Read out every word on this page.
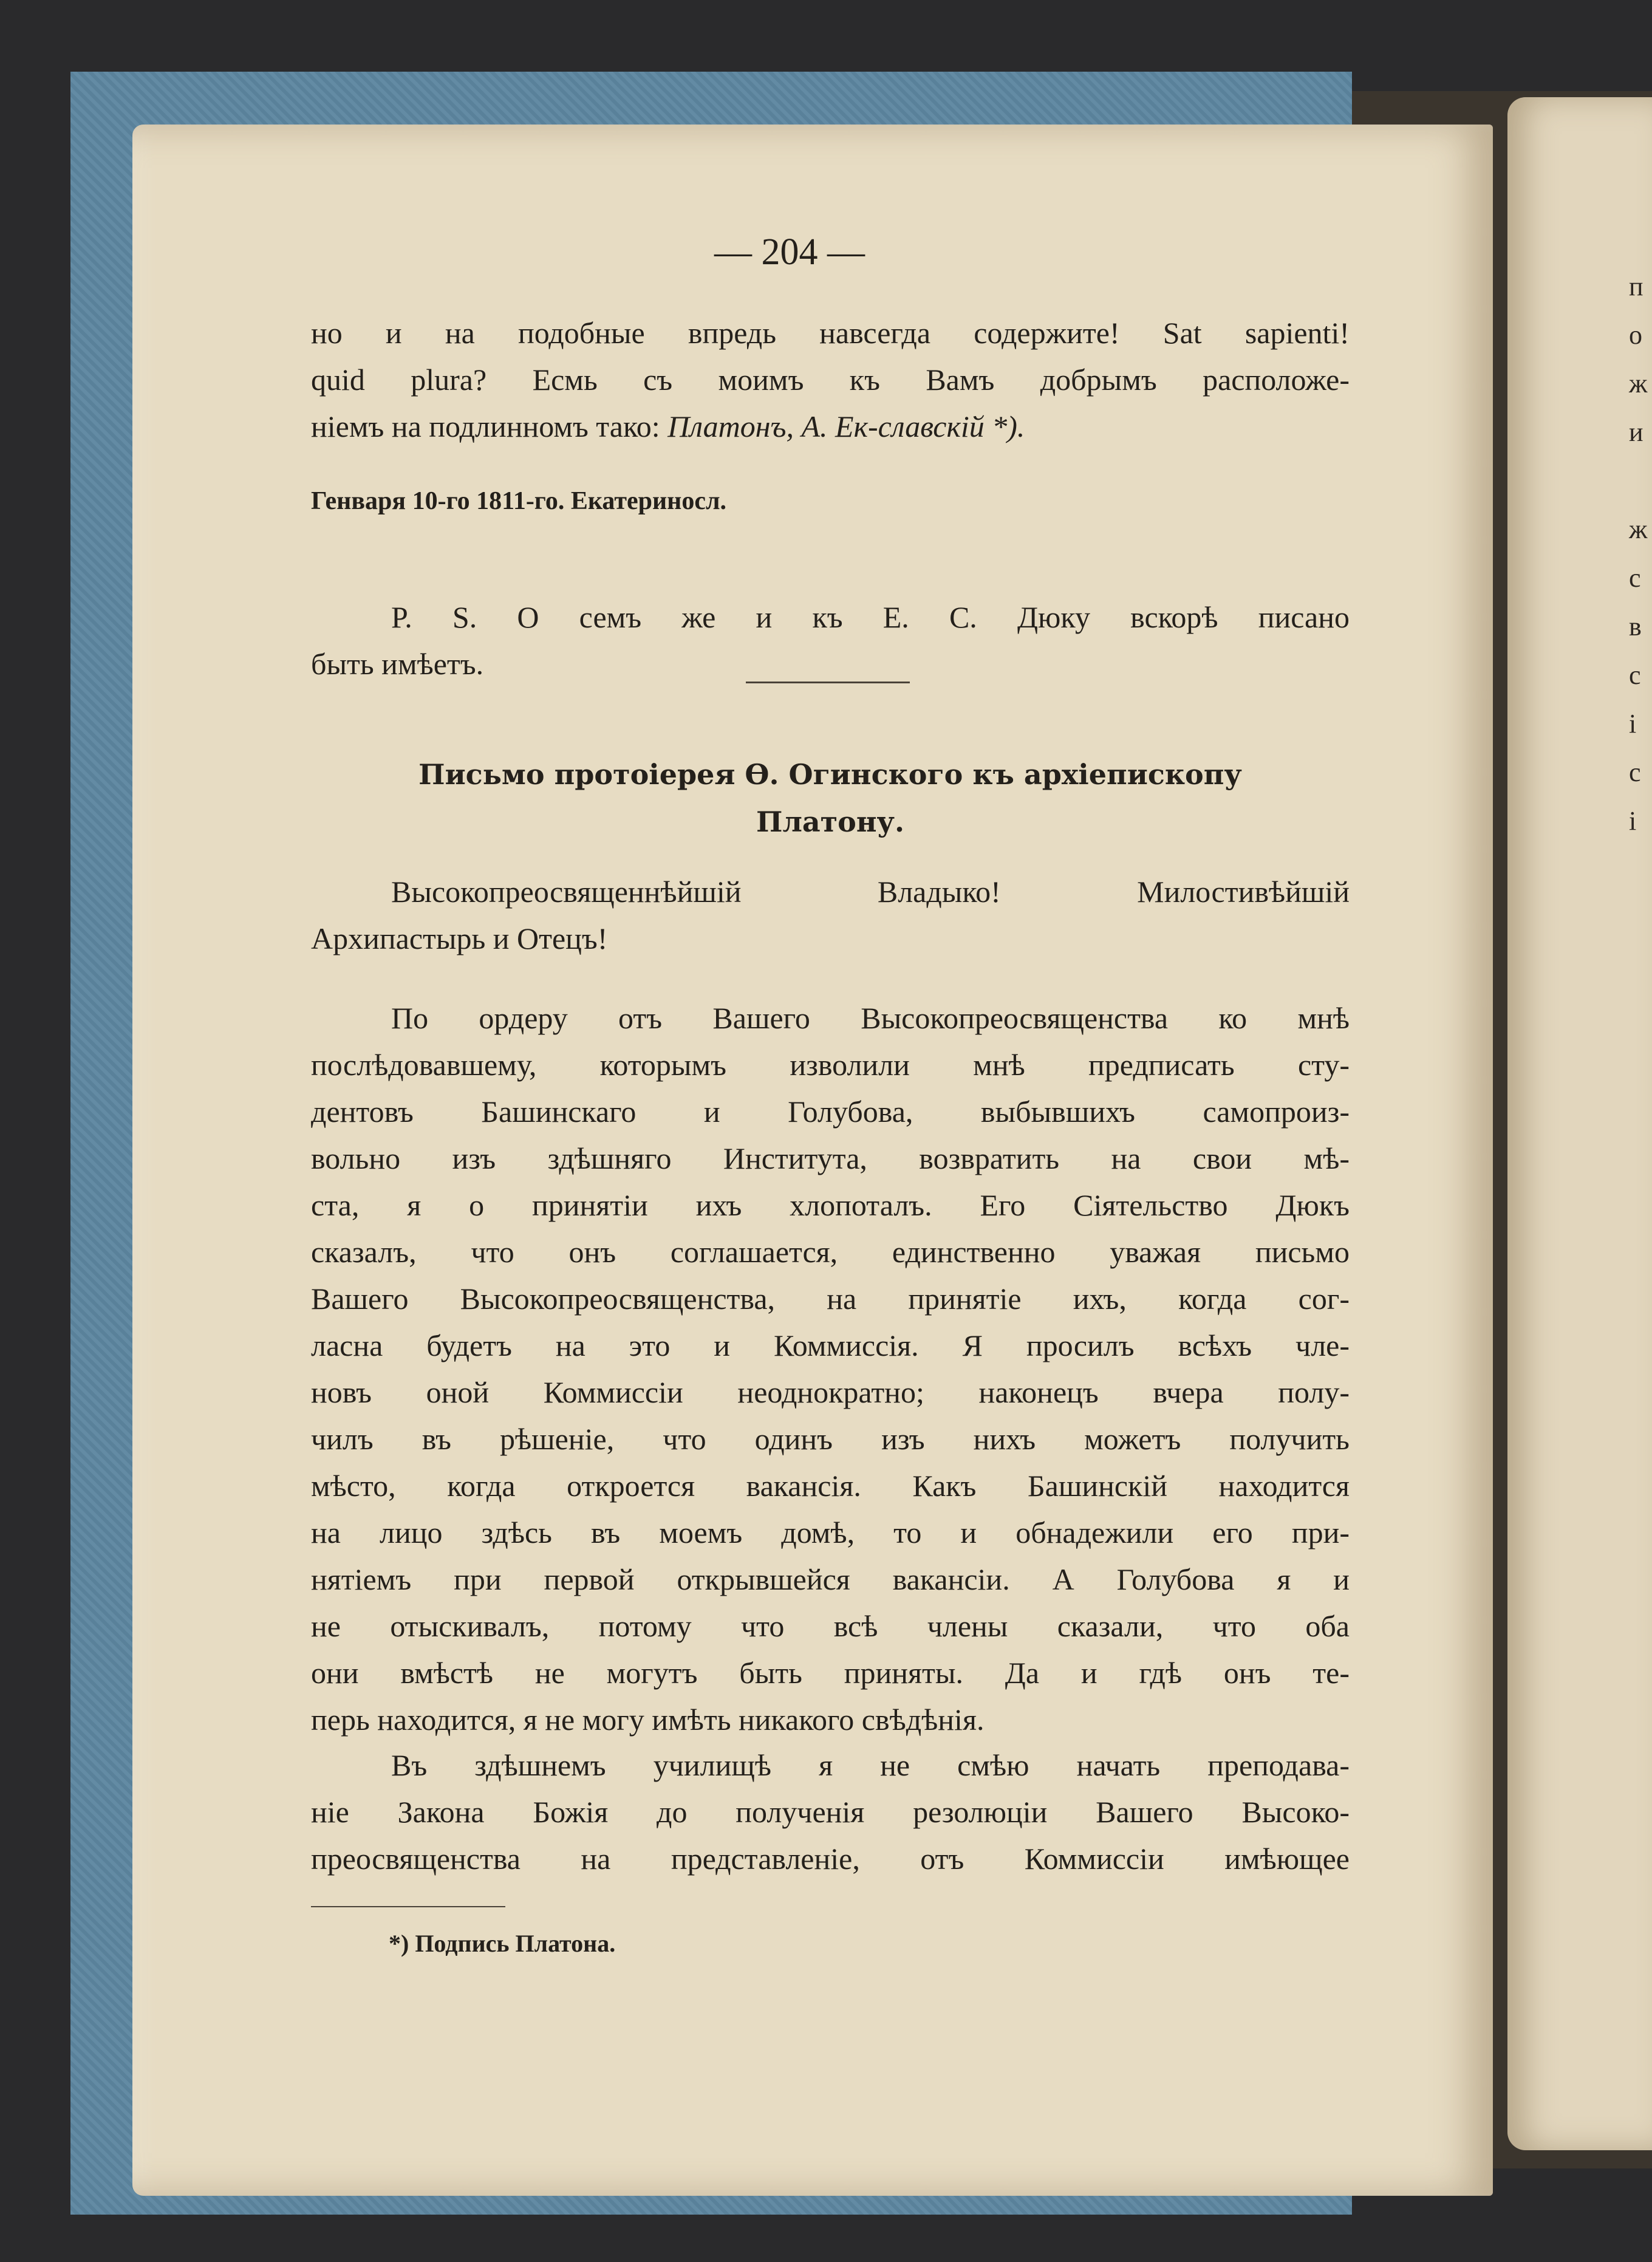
п
о
ж
и
ж
с
в
с
і
с
і
— 204 —
но и на подобные впредь навсегда содержите! Sat sapienti!
quid plura? Есмь съ моимъ къ Вамъ добрымъ расположе-
ніемъ на подлинномъ тако: Платонъ, А. Ек-славскій *).
Генваря 10-го 1811-го. Екатериносл.
P. S. О семъ же и къ Е. С. Дюку вскорѣ писано
быть имѣетъ.
Письмо протоіерея Ѳ. Огинского къ архіепископу
Платону.
Высокопреосвященнѣйшій Владыко! Милостивѣйшій
Архипастырь и Отецъ!
По ордеру отъ Вашего Высокопреосвященства ко мнѣ
послѣдовавшему, которымъ изволили мнѣ предписать сту-
дентовъ Башинскаго и Голубова, выбывшихъ самопроиз-
вольно изъ здѣшняго Института, возвратить на свои мѣ-
ста, я о принятіи ихъ хлопоталъ. Его Сіятельство Дюкъ
сказалъ, что онъ соглашается, единственно уважая письмо
Вашего Высокопреосвященства, на принятіе ихъ, когда сог-
ласна будетъ на это и Коммиссія. Я просилъ всѣхъ чле-
новъ оной Коммиссіи неоднократно; наконецъ вчера полу-
чилъ въ рѣшеніе, что одинъ изъ нихъ можетъ получить
мѣсто, когда откроется вакансія. Какъ Башинскій находится
на лицо здѣсь въ моемъ домѣ, то и обнадежили его при-
нятіемъ при первой открывшейся вакансіи. А Голубова я и
не отыскивалъ, потому что всѣ члены сказали, что оба
они вмѣстѣ не могутъ быть приняты. Да и гдѣ онъ те-
перь находится, я не могу имѣть никакого свѣдѣнія.
Въ здѣшнемъ училищѣ я не смѣю начать преподава-
ніе Закона Божія до полученія резолюціи Вашего Высоко-
преосвященства на представленіе, отъ Коммиссіи имѣющее
*) Подпись Платона.
